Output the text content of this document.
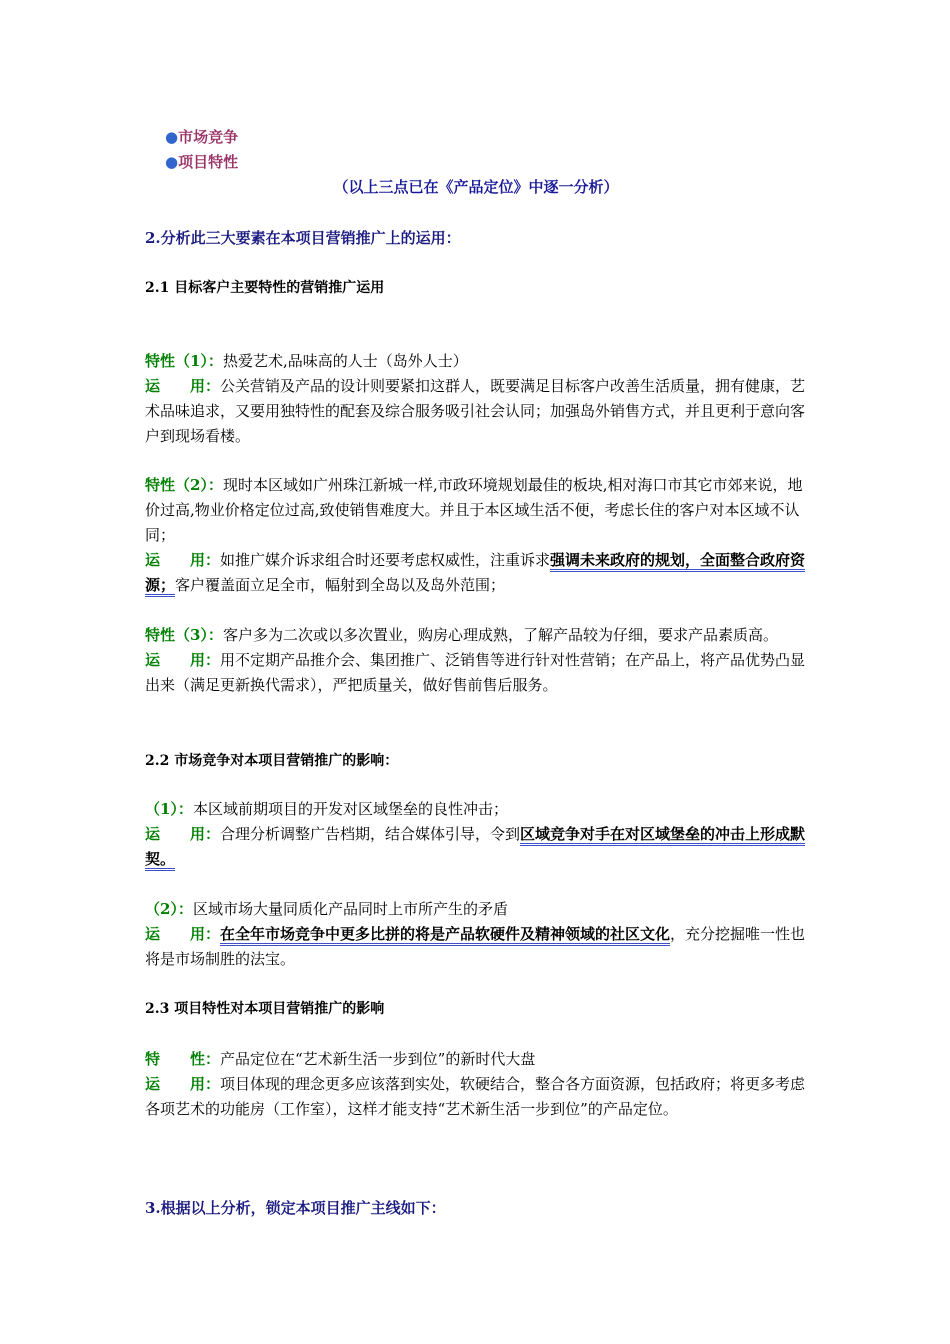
●市场竞争
●项目特性
（以上三点已在《产品定位》中逐一分析）
2.分析此三大要素在本项目营销推广上的运用：
2.1 目标客户主要特性的营销推广运用
特性（1）：热爱艺术,品味高的人士（岛外人士）
运　　用：公关营销及产品的设计则要紧扣这群人，既要满足目标客户改善生活质量，拥有健康，艺术品味追求，又要用独特性的配套及综合服务吸引社会认同；加强岛外销售方式，并且更利于意向客户到现场看楼。
特性（2）：现时本区域如广州珠江新城一样,市政环境规划最佳的板块,相对海口市其它市郊来说，地价过高,物业价格定位过高,致使销售难度大。并且于本区域生活不便，考虑长住的客户对本区域不认同；
运　　用：如推广媒介诉求组合时还要考虑权威性，注重诉求强调未来政府的规划，全面整合政府资源；客户覆盖面立足全市，幅射到全岛以及岛外范围；
特性（3）：客户多为二次或以多次置业，购房心理成熟，了解产品较为仔细，要求产品素质高。
运　　用：用不定期产品推介会、集团推广、泛销售等进行针对性营销；在产品上，将产品优势凸显出来（满足更新换代需求），严把质量关，做好售前售后服务。
2.2 市场竞争对本项目营销推广的影响：
（1）：本区域前期项目的开发对区域堡垒的良性冲击；
运　　用：合理分析调整广告档期，结合媒体引导，令到区域竞争对手在对区域堡垒的冲击上形成默契。
（2）：区域市场大量同质化产品同时上市所产生的矛盾
运　　用：在全年市场竞争中更多比拼的将是产品软硬件及精神领域的社区文化，充分挖掘唯一性也将是市场制胜的法宝。
2.3 项目特性对本项目营销推广的影响
特　　性：产品定位在“艺术新生活一步到位”的新时代大盘
运　　用：项目体现的理念更多应该落到实处，软硬结合，整合各方面资源，包括政府；将更多考虑各项艺术的功能房（工作室），这样才能支持“艺术新生活一步到位”的产品定位。
3.根据以上分析，锁定本项目推广主线如下：
